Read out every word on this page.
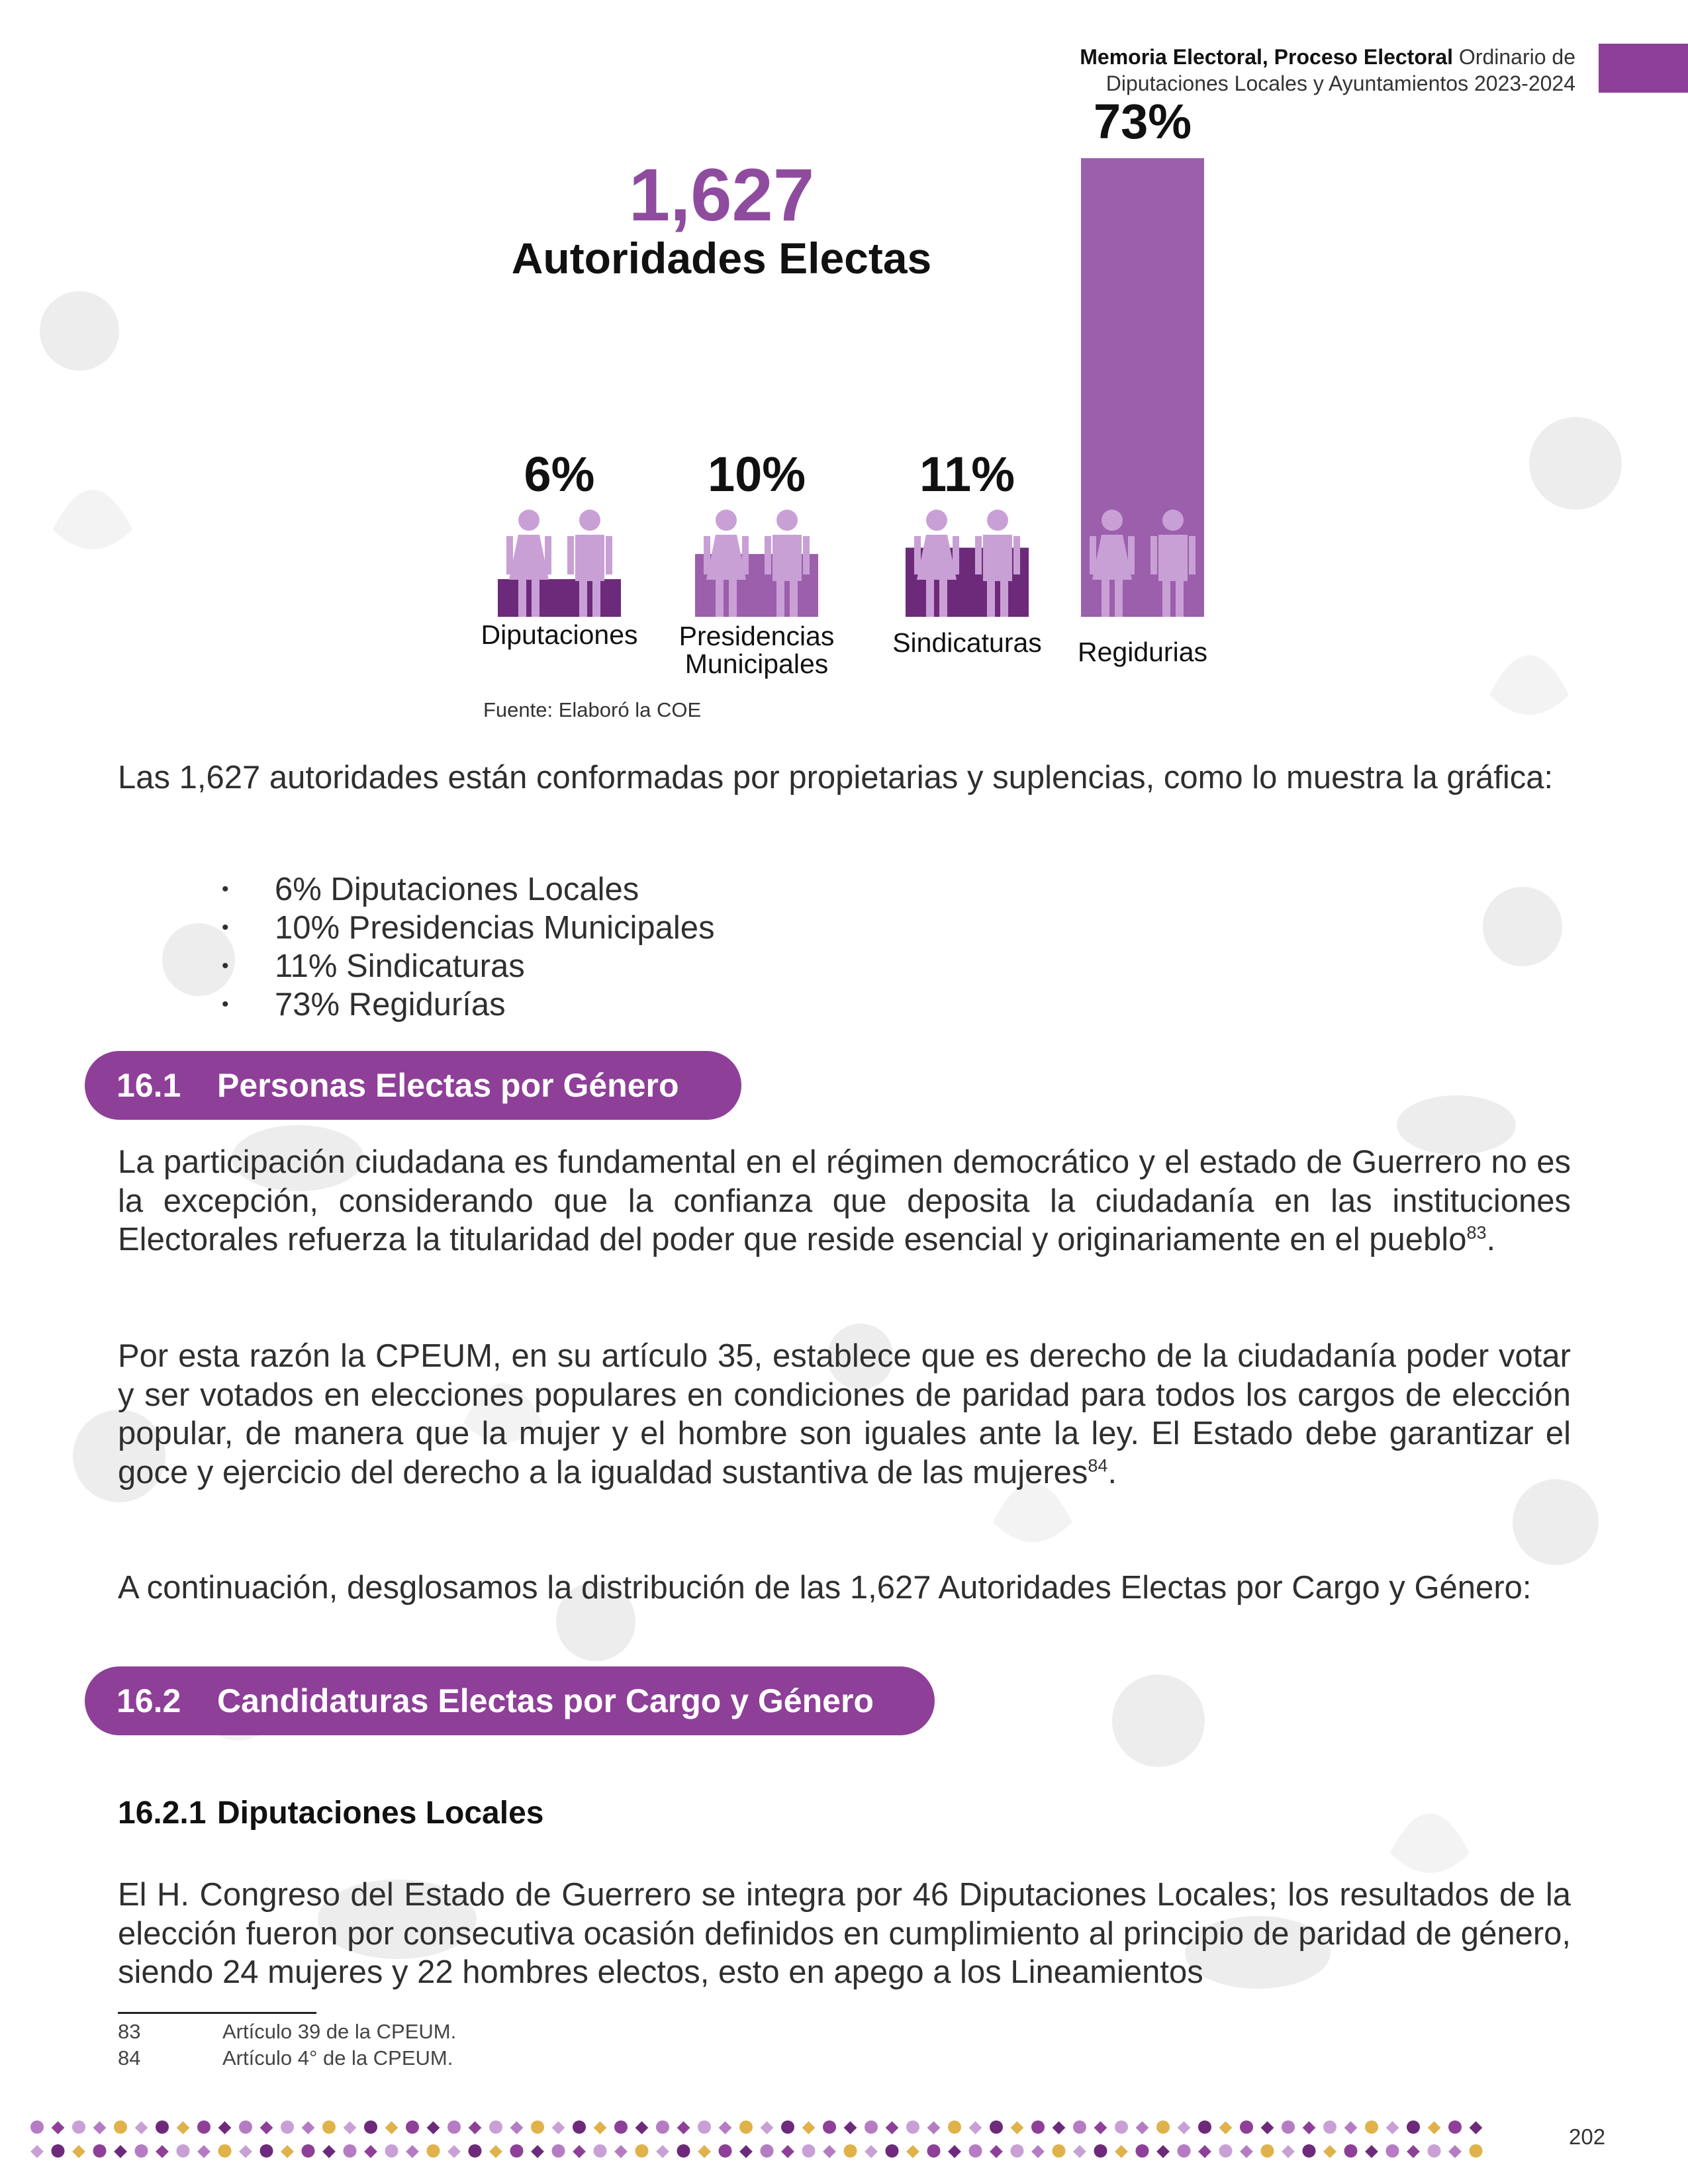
Memoria Electoral, Proceso Electoral Ordinario de
Diputaciones Locales y Ayuntamientos 2023-2024
1,627
Autoridades Electas
6%
Diputaciones
10%
Presidencias
Municipales
11%
Sindicaturas
73%
Regidurias
Fuente: Elaboró la COE
Las 1,627 autoridades están conformadas por propietarias y suplencias, como lo muestra la gráfica:
• 6% Diputaciones Locales
• 10% Presidencias Municipales
• 11% Sindicaturas
• 73% Regidurías
16.1 Personas Electas por Género
La participación ciudadana es fundamental en el régimen democrático y el estado de Guerrero no es la excepción, considerando que la confianza que deposita la ciudadanía en las instituciones Electorales refuerza la titularidad del poder que reside esencial y originariamente en el pueblo$^{83}$.
Por esta razón la CPEUM, en su artículo 35, establece que es derecho de la ciudadanía poder votar y ser votados en elecciones populares en condiciones de paridad para todos los cargos de elección popular, de manera que la mujer y el hombre son iguales ante la ley. El Estado debe garantizar el goce y ejercicio del derecho a la igualdad sustantiva de las mujeres$^{84}$.
A continuación, desglosamos la distribución de las 1,627 Autoridades Electas por Cargo y Género:
16.2 Candidaturas Electas por Cargo y Género
16.2.1 Diputaciones Locales
El H. Congreso del Estado de Guerrero se integra por 46 Diputaciones Locales; los resultados de la elección fueron por consecutiva ocasión definidos en cumplimiento al principio de paridad de género, siendo 24 mujeres y 22 hombres electos, esto en apego a los Lineamientos
83	Artículo 39 de la CPEUM.
84	Artículo 4° de la CPEUM.
202
